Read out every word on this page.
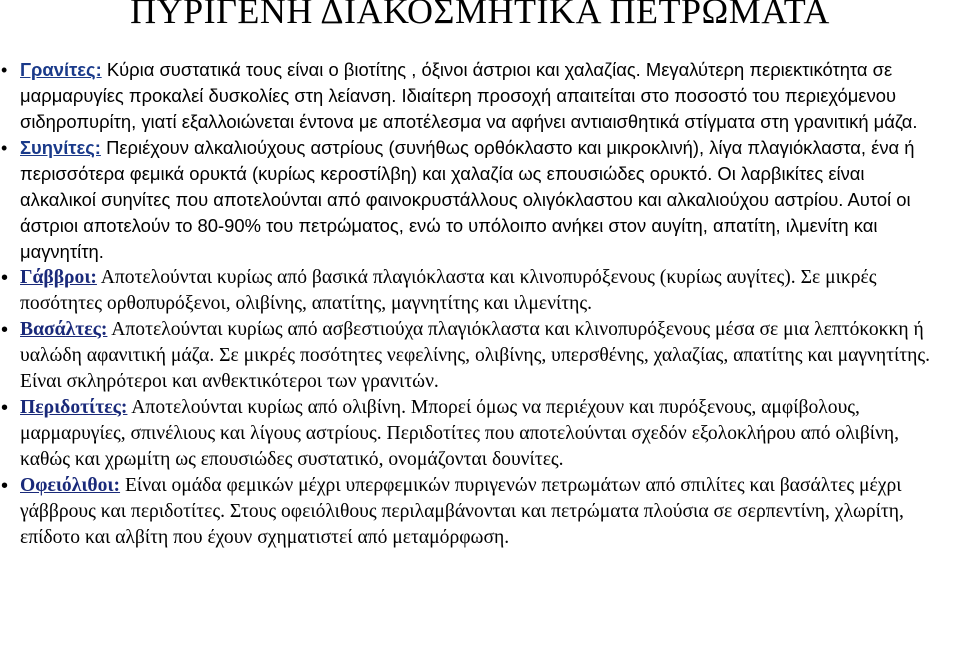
ΠΥΡΙΓΕΝΗ ΔΙΑΚΟΣΜΗΤΙΚΑ ΠΕΤΡΩΜΑΤΑ
• Γρανίτες: Κύρια συστατικά τους είναι ο βιοτίτης , όξινοι άστριοι και χαλαζίας. Μεγαλύτερη περιεκτικότητα σε μαρμαρυγίες προκαλεί δυσκολίες στη λείανση. Ιδιαίτερη προσοχή απαιτείται στο ποσοστό του περιεχόμενου σιδηροπυρίτη, γιατί εξαλλοιώνεται έντονα με αποτέλεσμα να αφήνει αντιαισθητικά στίγματα στη γρανιτική μάζα.
• Συηνίτες: Περιέχουν αλκαλιούχους αστρίους (συνήθως ορθόκλαστο και μικροκλινή), λίγα πλαγιόκλαστα, ένα ή περισσότερα φεμικά ορυκτά (κυρίως κεροστίλβη) και χαλαζία ως επουσιώδες ορυκτό. Οι λαρβικίτες είναι αλκαλικοί συηνίτες που αποτελούνται από φαινοκρυστάλλους ολιγόκλαστου και αλκαλιούχου αστρίου. Αυτοί οι άστριοι αποτελούν το 80-90% του πετρώματος, ενώ το υπόλοιπο ανήκει στον αυγίτη, απατίτη, ιλμενίτη και μαγνητίτη.
• Γάββροι: Αποτελούνται κυρίως από βασικά πλαγιόκλαστα και κλινοπυρόξενους (κυρίως αυγίτες). Σε μικρές ποσότητες ορθοπυρόξενοι, ολιβίνης, απατίτης, μαγνητίτης και ιλμενίτης.
• Βασάλτες: Αποτελούνται κυρίως από ασβεστιούχα πλαγιόκλαστα και κλινοπυρόξενους μέσα σε μια λεπτόκοκκη ή υαλώδη αφανιτική μάζα. Σε μικρές ποσότητες νεφελίνης, ολιβίνης, υπερσθένης, χαλαζίας, απατίτης και μαγνητίτης. Είναι σκληρότεροι και ανθεκτικότεροι των γρανιτών.
• Περιδοτίτες: Αποτελούνται κυρίως από ολιβίνη. Μπορεί όμως να περιέχουν και πυρόξενους, αμφίβολους, μαρμαρυγίες, σπινέλιους και λίγους αστρίους. Περιδοτίτες που αποτελούνται σχεδόν εξολοκλήρου από ολιβίνη, καθώς και χρωμίτη ως επουσιώδες συστατικό, ονομάζονται δουνίτες.
• Οφειόλιθοι: Είναι ομάδα φεμικών μέχρι υπερφεμικών πυριγενών πετρωμάτων από σπιλίτες και βασάλτες μέχρι γάββρους και περιδοτίτες. Στους οφειόλιθους περιλαμβάνονται και πετρώματα πλούσια σε σερπεντίνη, χλωρίτη, επίδοτο και αλβίτη που έχουν σχηματιστεί από μεταμόρφωση.
